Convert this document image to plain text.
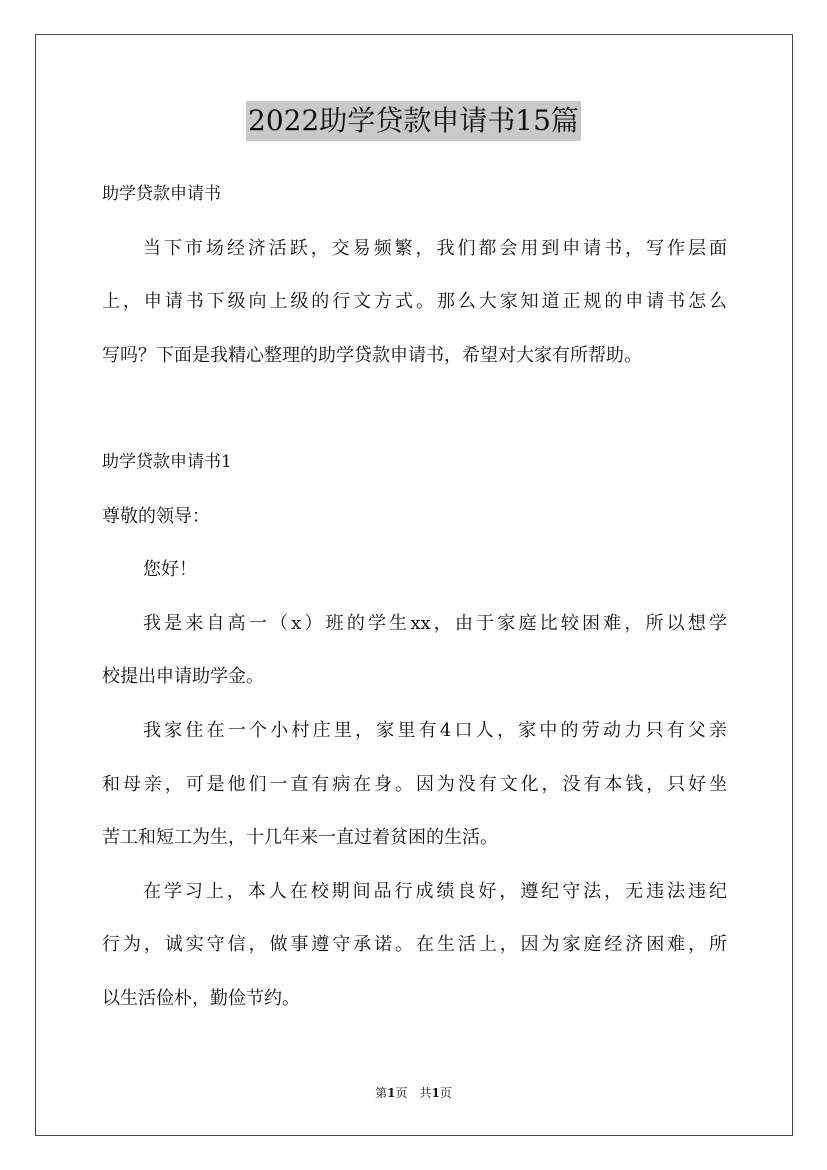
2022助学贷款申请书15篇
助学贷款申请书
当下市场经济活跃，交易频繁，我们都会用到申请书，写作层面
上，申请书下级向上级的行文方式。那么大家知道正规的申请书怎么
写吗？下面是我精心整理的助学贷款申请书，希望对大家有所帮助。
助学贷款申请书1
尊敬的领导：
您好！
我是来自高一（x）班的学生xx，由于家庭比较困难，所以想学
校提出申请助学金。
我家住在一个小村庄里，家里有4口人，家中的劳动力只有父亲
和母亲，可是他们一直有病在身。因为没有文化，没有本钱，只好坐
苦工和短工为生，十几年来一直过着贫困的生活。
在学习上，本人在校期间品行成绩良好，遵纪守法，无违法违纪
行为，诚实守信，做事遵守承诺。在生活上，因为家庭经济困难，所
以生活俭朴，勤俭节约。
第1页　共1页
